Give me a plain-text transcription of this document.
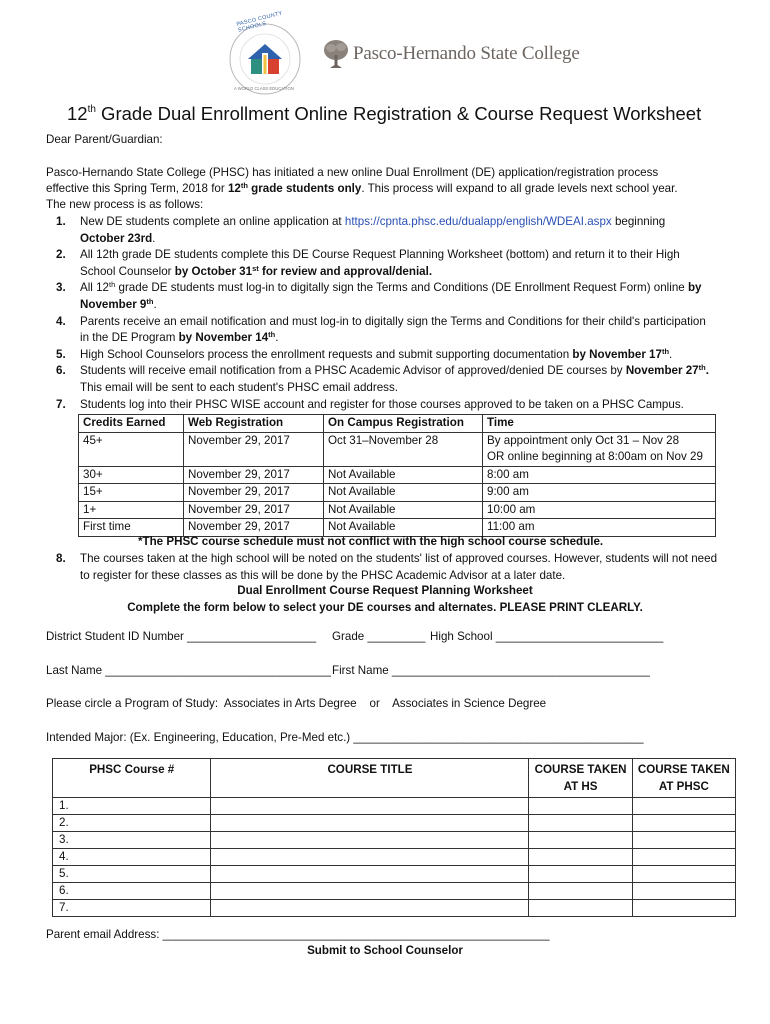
PASCO COUNTY SCHOOLS
A WORLD CLASS EDUCATION
Pasco-Hernando State College
12th Grade Dual Enrollment Online Registration & Course Request Worksheet
Dear Parent/Guardian:
Pasco-Hernando State College (PHSC) has initiated a new online Dual Enrollment (DE) application/registration process
effective this Spring Term, 2018 for 12th grade students only. This process will expand to all grade levels next school year.
The new process is as follows:
1. New DE students complete an online application at https://cpnta.phsc.edu/dualapp/english/WDEAI.aspx beginning
October 23rd.
2. All 12th grade DE students complete this DE Course Request Planning Worksheet (bottom) and return it to their High School Counselor by October 31st for review and approval/denial.
3. All 12th grade DE students must log-in to digitally sign the Terms and Conditions (DE Enrollment Request Form) online by November 9th.
4. Parents receive an email notification and must log-in to digitally sign the Terms and Conditions for their child's participation in the DE Program by November 14th.
5. High School Counselors process the enrollment requests and submit supporting documentation by November 17th.
6. Students will receive email notification from a PHSC Academic Advisor of approved/denied DE courses by November 27th. This email will be sent to each student's PHSC email address.
7. Students log into their PHSC WISE account and register for those courses approved to be taken on a PHSC Campus.
Credits Earned	Web Registration	On Campus Registration	Time
45+	November 29, 2017	Oct 31–November 28	By appointment only Oct 31 – Nov 28
OR online beginning at 8:00am on Nov 29

30+	November 29, 2017	Not Available	8:00 am
15+	November 29, 2017	Not Available	9:00 am
1+	November 29, 2017	Not Available	10:00 am
First time	November 29, 2017	Not Available	11:00 am
*The PHSC course schedule must not conflict with the high school course schedule.
8.	The courses taken at the high school will be noted on the students' list of approved courses. However, students will not need to register for these classes as this will be done by the PHSC Academic Advisor at a later date.
Dual Enrollment Course Request Planning Worksheet
Complete the form below to select your DE courses and alternates. PLEASE PRINT CLEARLY.
District Student ID Number ____________________ Grade _________ High School __________________________
Last Name ___________________________________ First Name ________________________________________
Please circle a Program of Study: Associates in Arts Degree or Associates in Science Degree
Intended Major: (Ex. Engineering, Education, Pre-Med etc.) _____________________________________________
PHSC Course #	COURSE TITLE	COURSE TAKEN AT HS	COURSE TAKEN AT PHSC
1.			
2.			
3.			
4.			
5.			
6.			
7.			
Parent email Address: ____________________________________________________________
Submit to School Counselor
